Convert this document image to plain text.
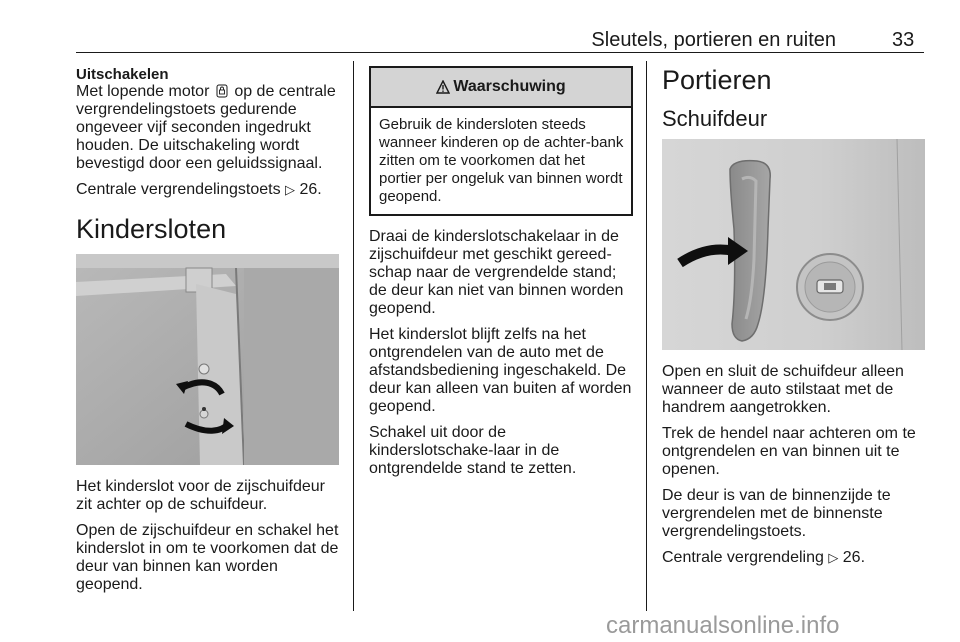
Sleutels, portieren en ruiten	33
Uitschakelen

Met lopende motor op de centrale vergrendelingstoets gedurende ongeveer vijf seconden ingedrukt houden. De uitschakeling wordt bevestigd door een geluidssignaal.

Centrale vergrendelingstoets ▷ 26.

Kindersloten

Het kinderslot voor de zijschuifdeur zit achter op de schuifdeur.

Open de zijschuifdeur en schakel het kinderslot in om te voorkomen dat de deur van binnen kan worden geopend.

Waarschuwing
Gebruik de kindersloten steeds wanneer kinderen op de achter-bank zitten om te voorkomen dat het portier per ongeluk van binnen wordt geopend.

Draai de kinderslotschakelaar in de zijschuifdeur met geschikt gereed-schap naar de vergrendelde stand; de deur kan niet van binnen worden geopend.

Het kinderslot blijft zelfs na het ontgrendelen van de auto met de afstandsbediening ingeschakeld. De deur kan alleen van buiten af worden geopend.

Schakel uit door de kinderslotschake-laar in de ontgrendelde stand te zetten.

Portieren
Schuifdeur

Open en sluit de schuifdeur alleen wanneer de auto stilstaat met de handrem aangetrokken.

Trek de hendel naar achteren om te ontgrendelen en van binnen uit te openen.

De deur is van de binnenzijde te vergrendelen met de binnenste vergrendelingstoets.

Centrale vergrendeling ▷ 26.

carmanualsonline.info
